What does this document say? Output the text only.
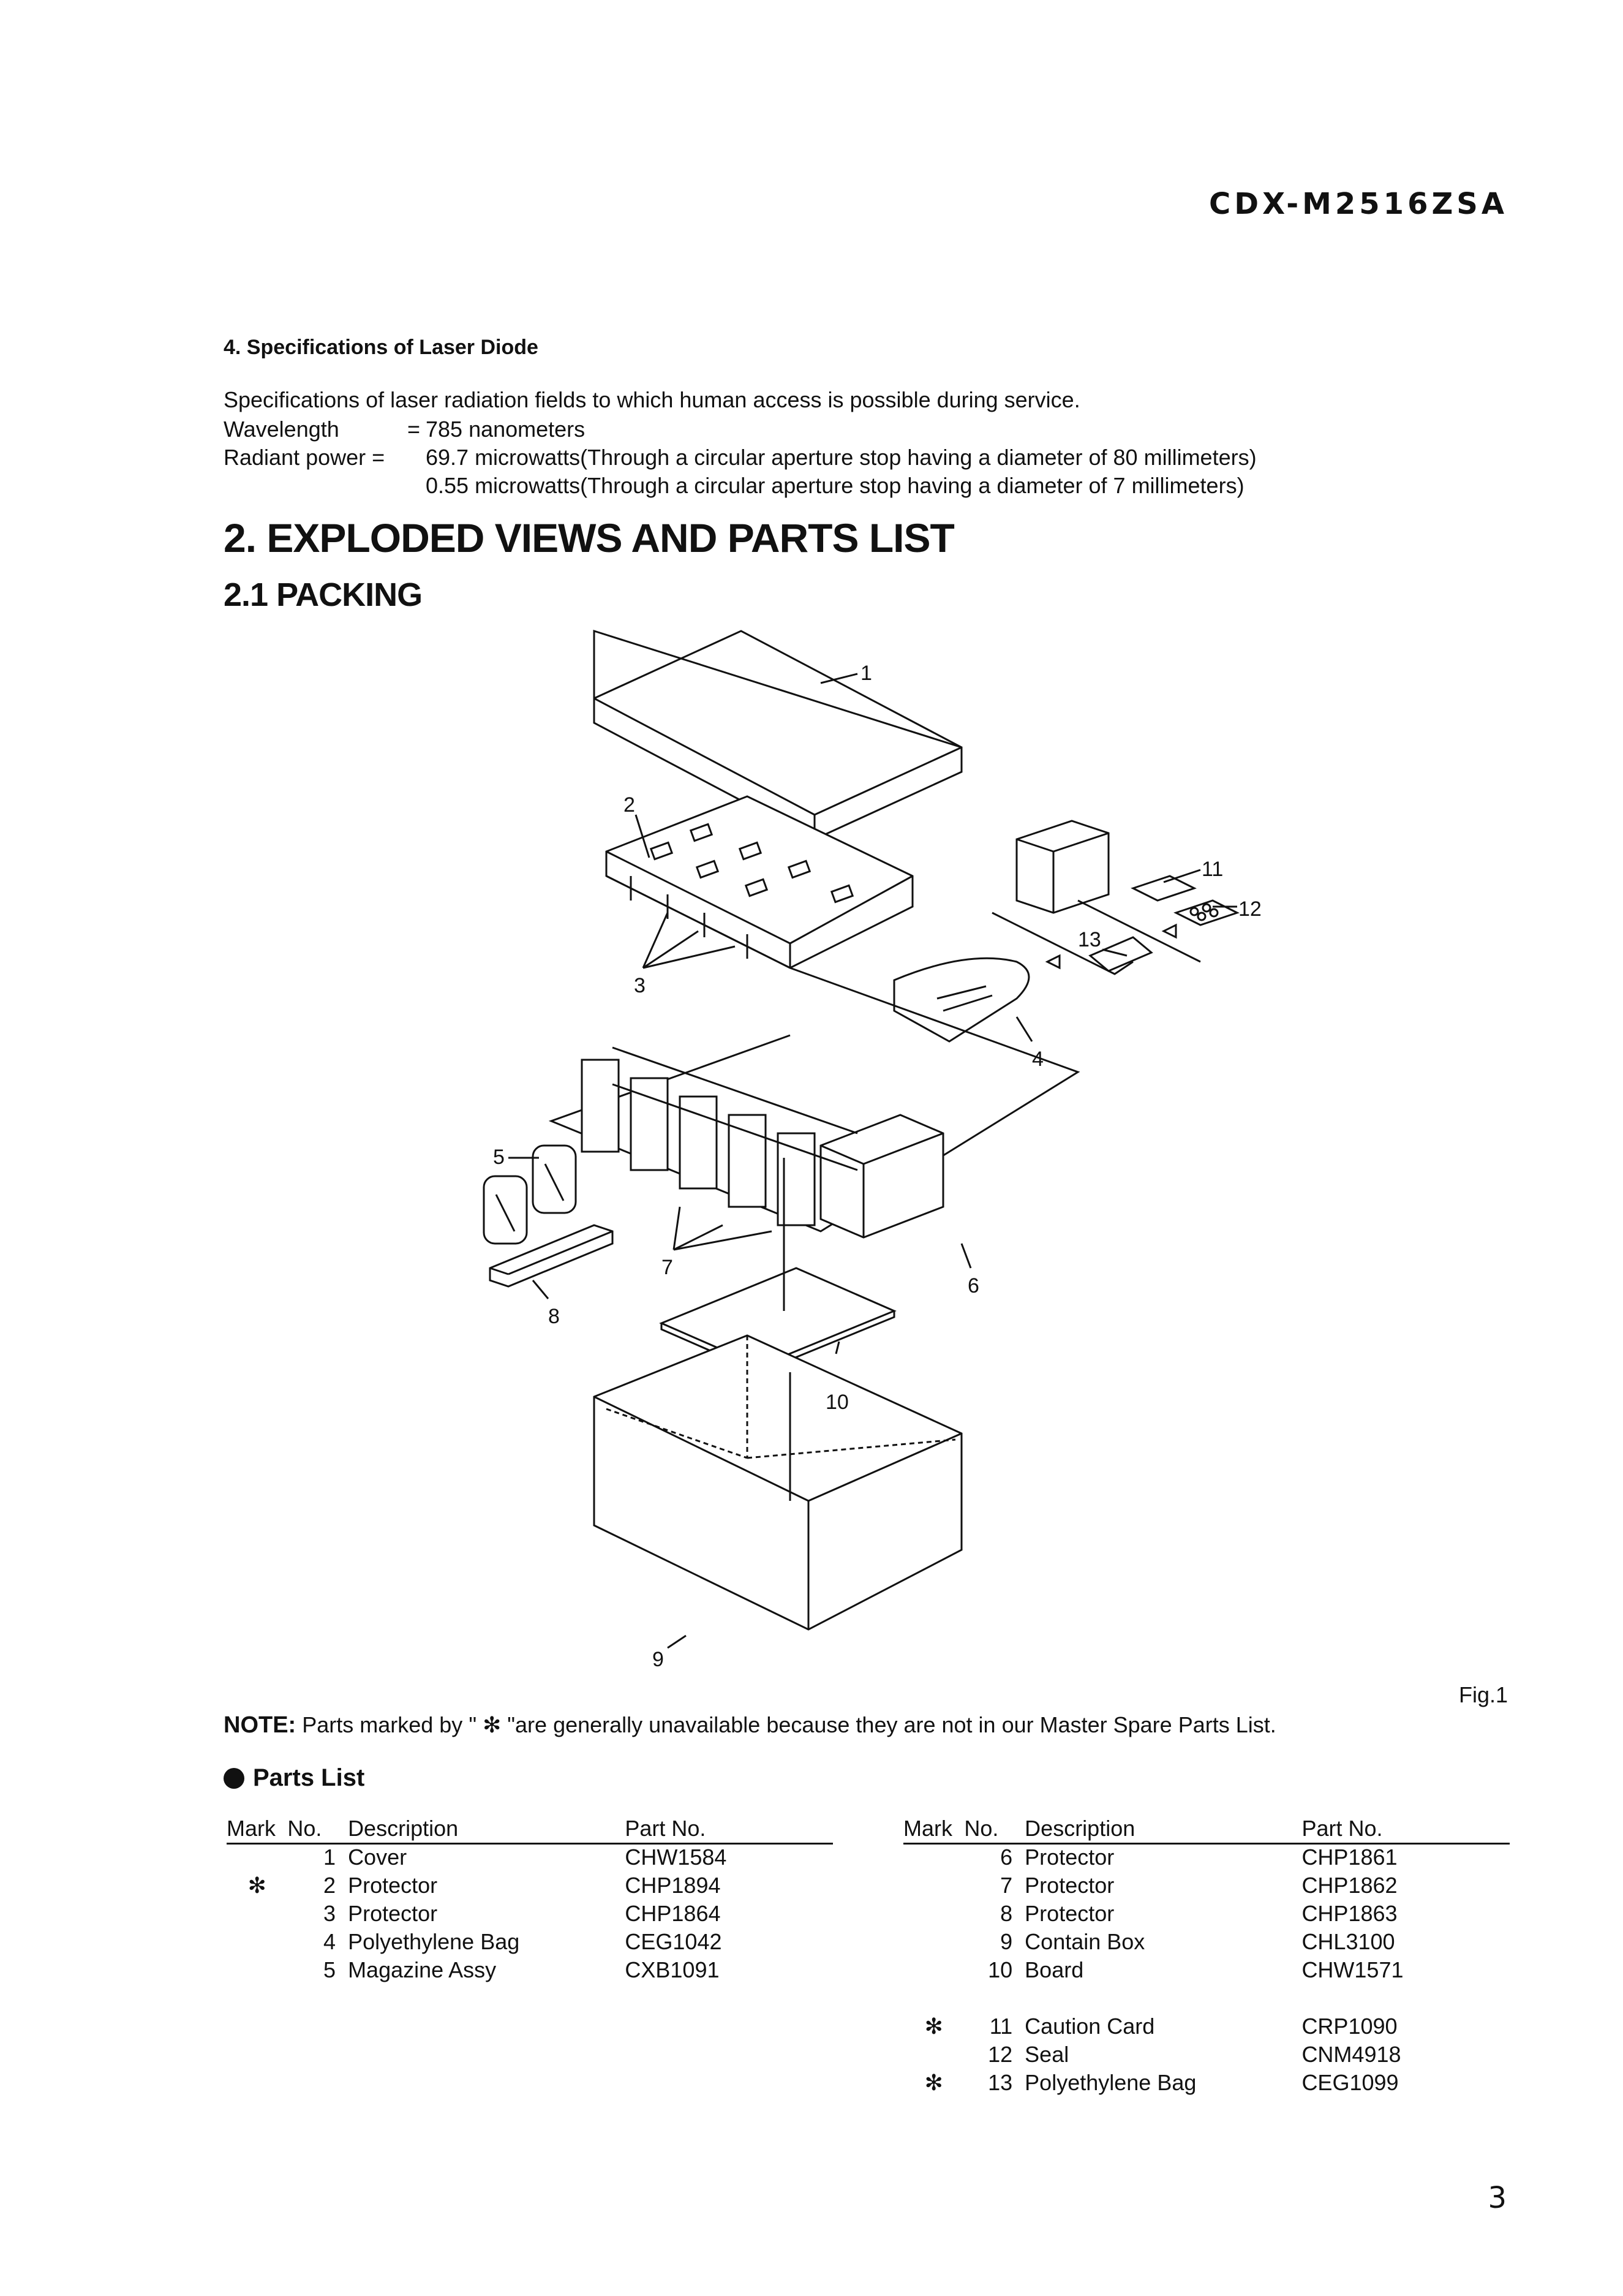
CDX-M2516ZSA
4. Specifications of Laser Diode
Specifications of laser radiation fields to which human access is possible during service.
Wavelength	= 785 nanometers
Radiant power = 69.7 microwatts(Through a circular aperture stop having a diameter of 80 millimeters)
0.55 microwatts(Through a circular aperture stop having a diameter of 7 millimeters)
2. EXPLODED VIEWS AND PARTS LIST
2.1 PACKING
1
2
3
4
5
6
7
8
9
10
11
12
13
Fig.1
NOTE: Parts marked by " ✻ "are generally unavailable because they are not in our Master Spare Parts List.
Parts List
Mark	No.	Description	Part No.
	1	Cover	CHW1584
✻	2	Protector	CHP1894
	3	Protector	CHP1864
	4	Polyethylene Bag	CEG1042
	5	Magazine Assy	CXB1091
Mark	No.	Description	Part No.
	6	Protector	CHP1861
	7	Protector	CHP1862
	8	Protector	CHP1863
	9	Contain Box	CHL3100
	10	Board	CHW1571

✻	11	Caution Card	CRP1090
	12	Seal	CNM4918
✻	13	Polyethylene Bag	CEG1099
3
